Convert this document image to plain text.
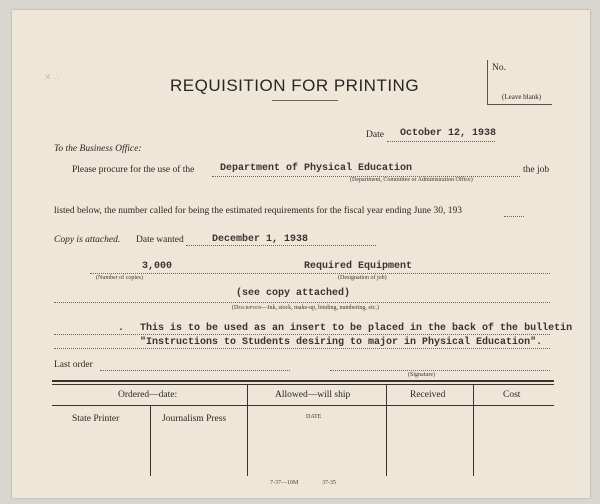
✕ ∴	REQUISITION FOR PRINTING
No.
(Leave blank)
Date October 12, 1938
To the Business Office:
Please procure for the use of the	Department of Physical Education	the job
(Department, Committee or Administration Office)
listed below, the number called for being the estimated requirements for the fiscal year ending June 30, 193
Copy is attached. Date wanted	December 1, 1938
3,000
(Number of copies)
Required Equipment
(Designation of job)
(see copy attached)
(Description—Ink, stock, make-up, binding, numbering, etc.)
. This is to be used as an insert to be placed in the back of the bulletin
"Instructions to Students desiring to major in Physical Education".
Last order
(Signature)
Ordered—date:	Allowed—will ship	Received	Cost
State Printer	Journalism Press	DATE
7-37—10M	37-35
